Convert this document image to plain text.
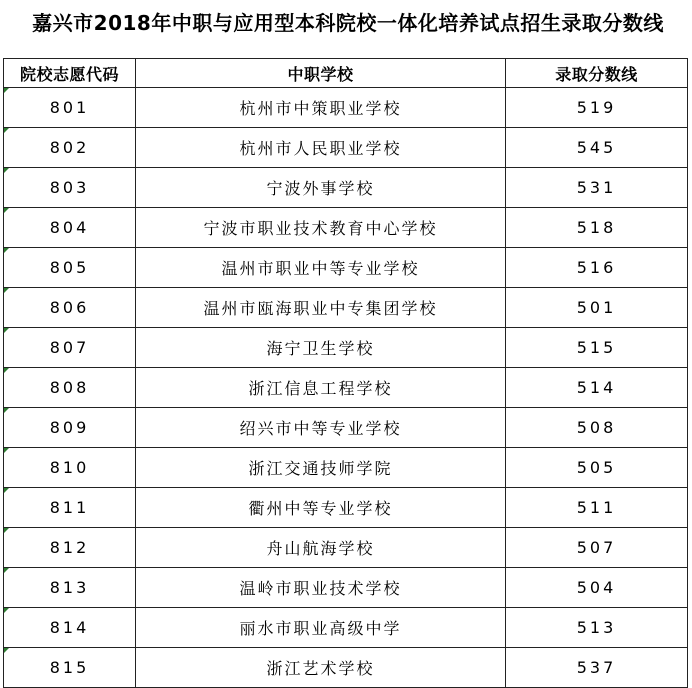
嘉兴市2018年中职与应用型本科院校一体化培养试点招生录取分数线
院校志愿代码	中职学校	录取分数线

801	杭州市中策职业学校	519

802	杭州市人民职业学校	545

803	宁波外事学校	531

804	宁波市职业技术教育中心学校	518

805	温州市职业中等专业学校	516

806	温州市瓯海职业中专集团学校	501

807	海宁卫生学校	515

808	浙江信息工程学校	514

809	绍兴市中等专业学校	508

810	浙江交通技师学院	505

811	衢州中等专业学校	511

812	舟山航海学校	507

813	温岭市职业技术学校	504

814	丽水市职业高级中学	513

815	浙江艺术学校	537
